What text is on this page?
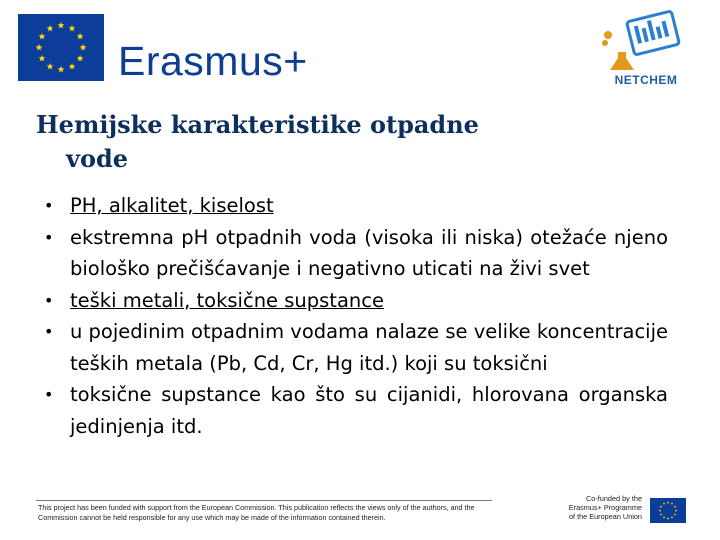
Erasmus+	NETCHEM
Hemijske karakteristike otpadne
vode
• PH, alkalitet, kiselost
• ekstremna pH otpadnih voda (visoka ili niska) otežaće njeno biološko prečišćavanje i negativno uticati na živi svet
• teški metali, toksične supstance
• u pojedinim otpadnim vodama nalaze se velike koncentracije teških metala (Pb, Cd, Cr, Hg itd.) koji su toksični
• toksične supstance kao što su cijanidi, hlorovana organska jedinjenja itd.
This project has been funded with support from the European Commission. This publication reflects the views only of the authors, and the Commission cannot be held responsible for any use which may be made of the information contained therein.
Co-funded by the Erasmus+ Programme of the European Union
